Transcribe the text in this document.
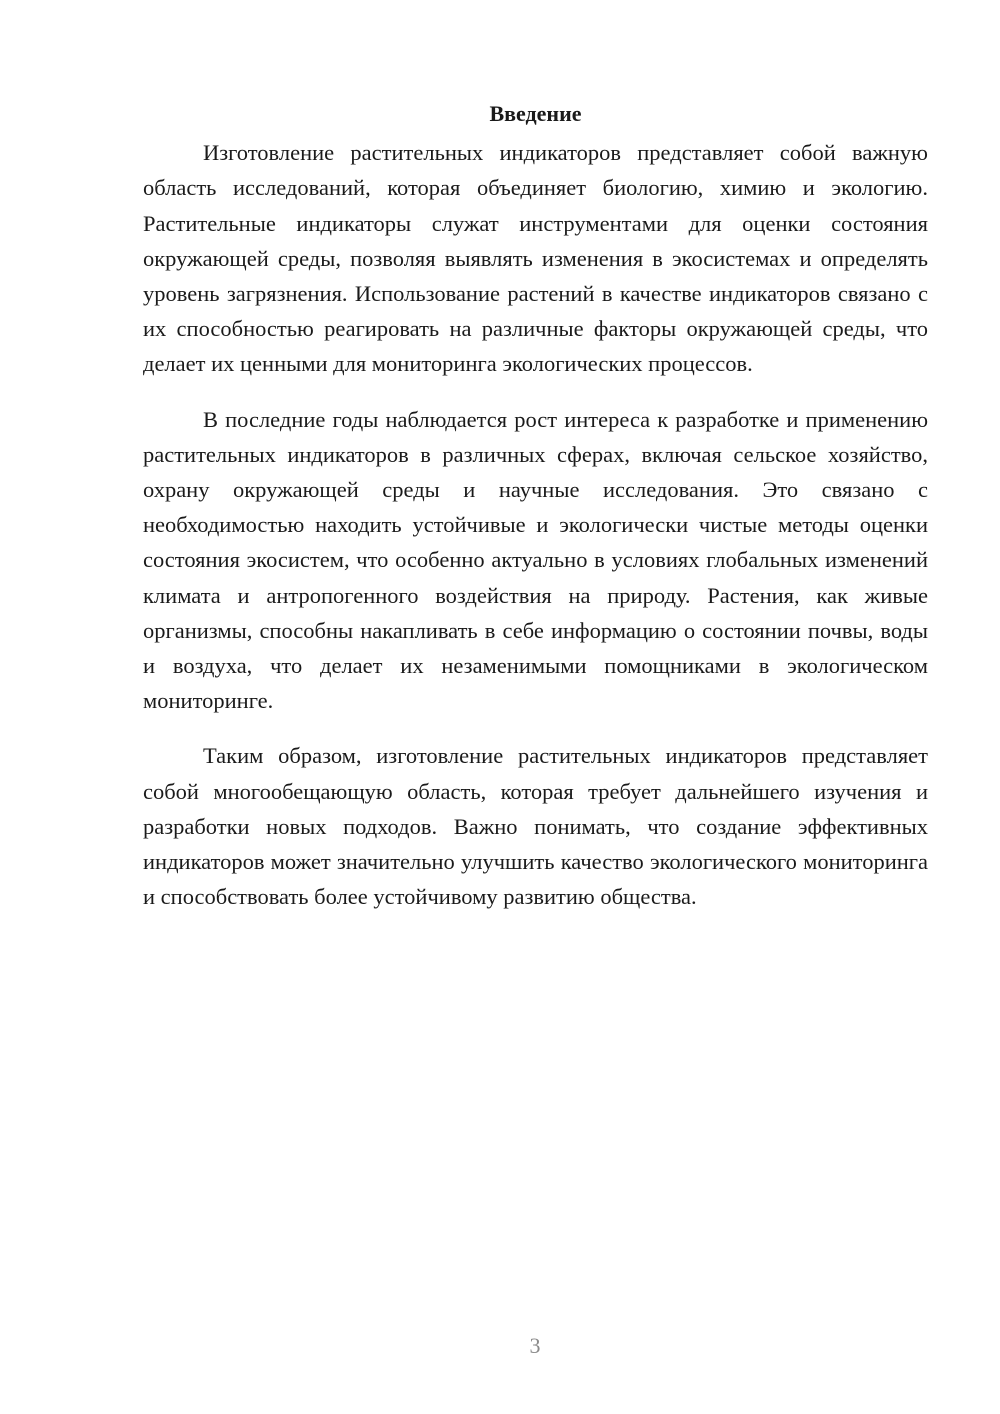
Введение

Изготовление растительных индикаторов представляет собой важную область исследований, которая объединяет биологию, химию и экологию. Растительные индикаторы служат инструментами для оценки состояния окружающей среды, позволяя выявлять изменения в экосистемах и определять уровень загрязнения. Использование растений в качестве индикаторов связано с их способностью реагировать на различные факторы окружающей среды, что делает их ценными для мониторинга экологических процессов.

В последние годы наблюдается рост интереса к разработке и применению растительных индикаторов в различных сферах, включая сельское хозяйство, охрану окружающей среды и научные исследования. Это связано с необходимостью находить устойчивые и экологически чистые методы оценки состояния экосистем, что особенно актуально в условиях глобальных изменений климата и антропогенного воздействия на природу. Растения, как живые организмы, способны накапливать в себе информацию о состоянии почвы, воды и воздуха, что делает их незаменимыми помощниками в экологическом мониторинге.

Таким образом, изготовление растительных индикаторов представляет собой многообещающую область, которая требует дальнейшего изучения и разработки новых подходов. Важно понимать, что создание эффективных индикаторов может значительно улучшить качество экологического мониторинга и способствовать более устойчивому развитию общества.

3
